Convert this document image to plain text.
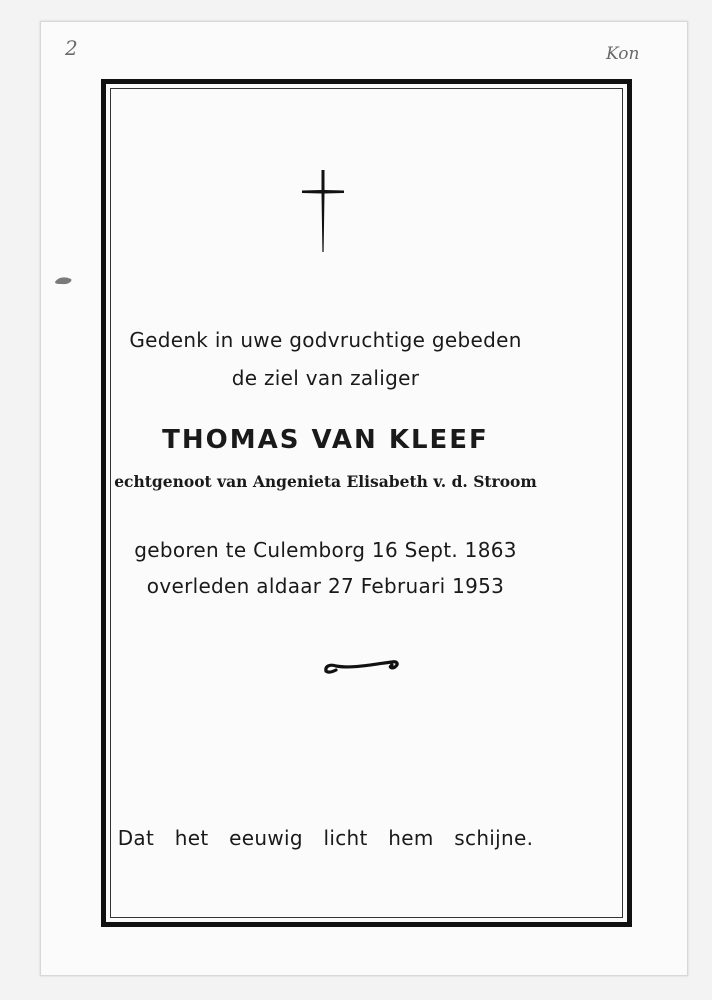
2	Kon
Gedenk in uwe godvruchtige gebeden
de ziel van zaliger
THOMAS VAN KLEEF
echtgenoot van Angenieta Elisabeth v. d. Stroom
geboren te Culemborg 16 Sept. 1863
overleden aldaar 27 Februari 1953
Dat het eeuwig licht hem schijne.
